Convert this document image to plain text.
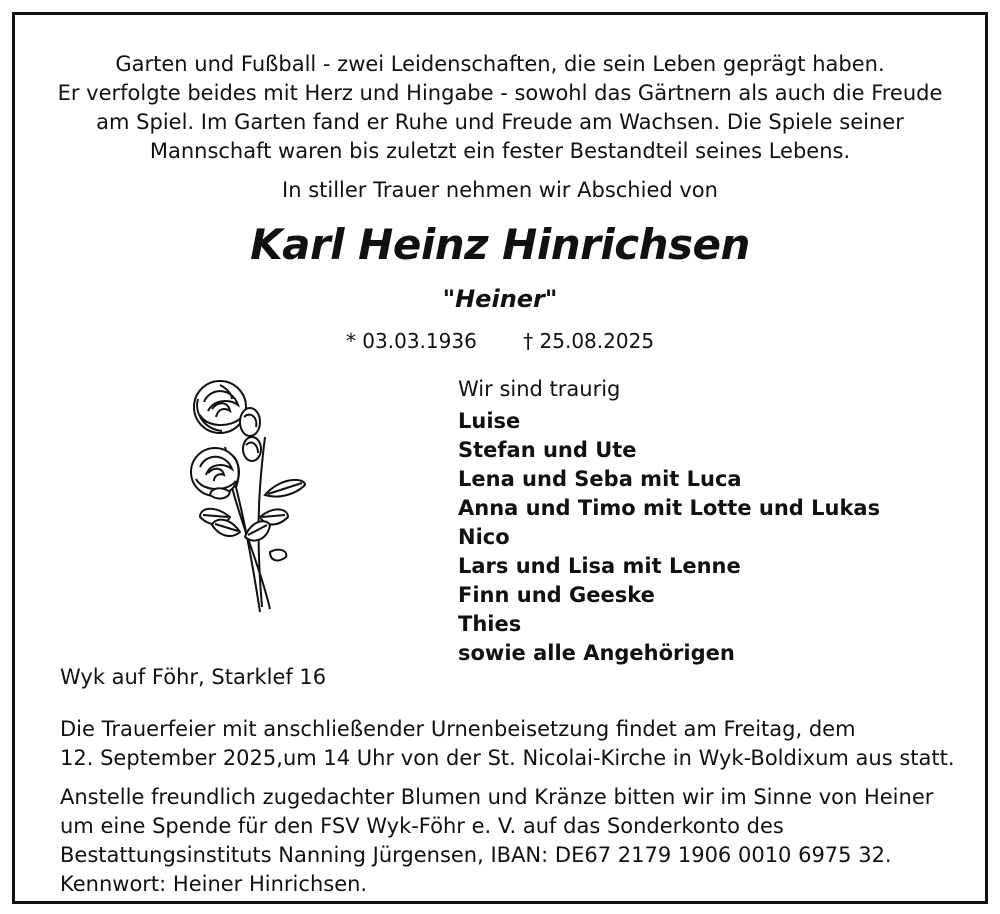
Garten und Fußball - zwei Leidenschaften, die sein Leben geprägt haben.
Er verfolgte beides mit Herz und Hingabe - sowohl das Gärtnern als auch die Freude
am Spiel. Im Garten fand er Ruhe und Freude am Wachsen. Die Spiele seiner
Mannschaft waren bis zuletzt ein fester Bestandteil seines Lebens.
In stiller Trauer nehmen wir Abschied von
Karl Heinz Hinrichsen
"Heiner"
* 03.03.1936 † 25.08.2025
Wir sind traurig
Luise
Stefan und Ute
Lena und Seba mit Luca
Anna und Timo mit Lotte und Lukas
Nico
Lars und Lisa mit Lenne
Finn und Geeske
Thies
sowie alle Angehörigen
Wyk auf Föhr, Starklef 16
Die Trauerfeier mit anschließender Urnenbeisetzung findet am Freitag, dem
12. September 2025,um 14 Uhr von der St. Nicolai-Kirche in Wyk-Boldixum aus statt.
Anstelle freundlich zugedachter Blumen und Kränze bitten wir im Sinne von Heiner
um eine Spende für den FSV Wyk-Föhr e. V. auf das Sonderkonto des
Bestattungsinstituts Nanning Jürgensen, IBAN: DE67 2179 1906 0010 6975 32.
Kennwort: Heiner Hinrichsen.
